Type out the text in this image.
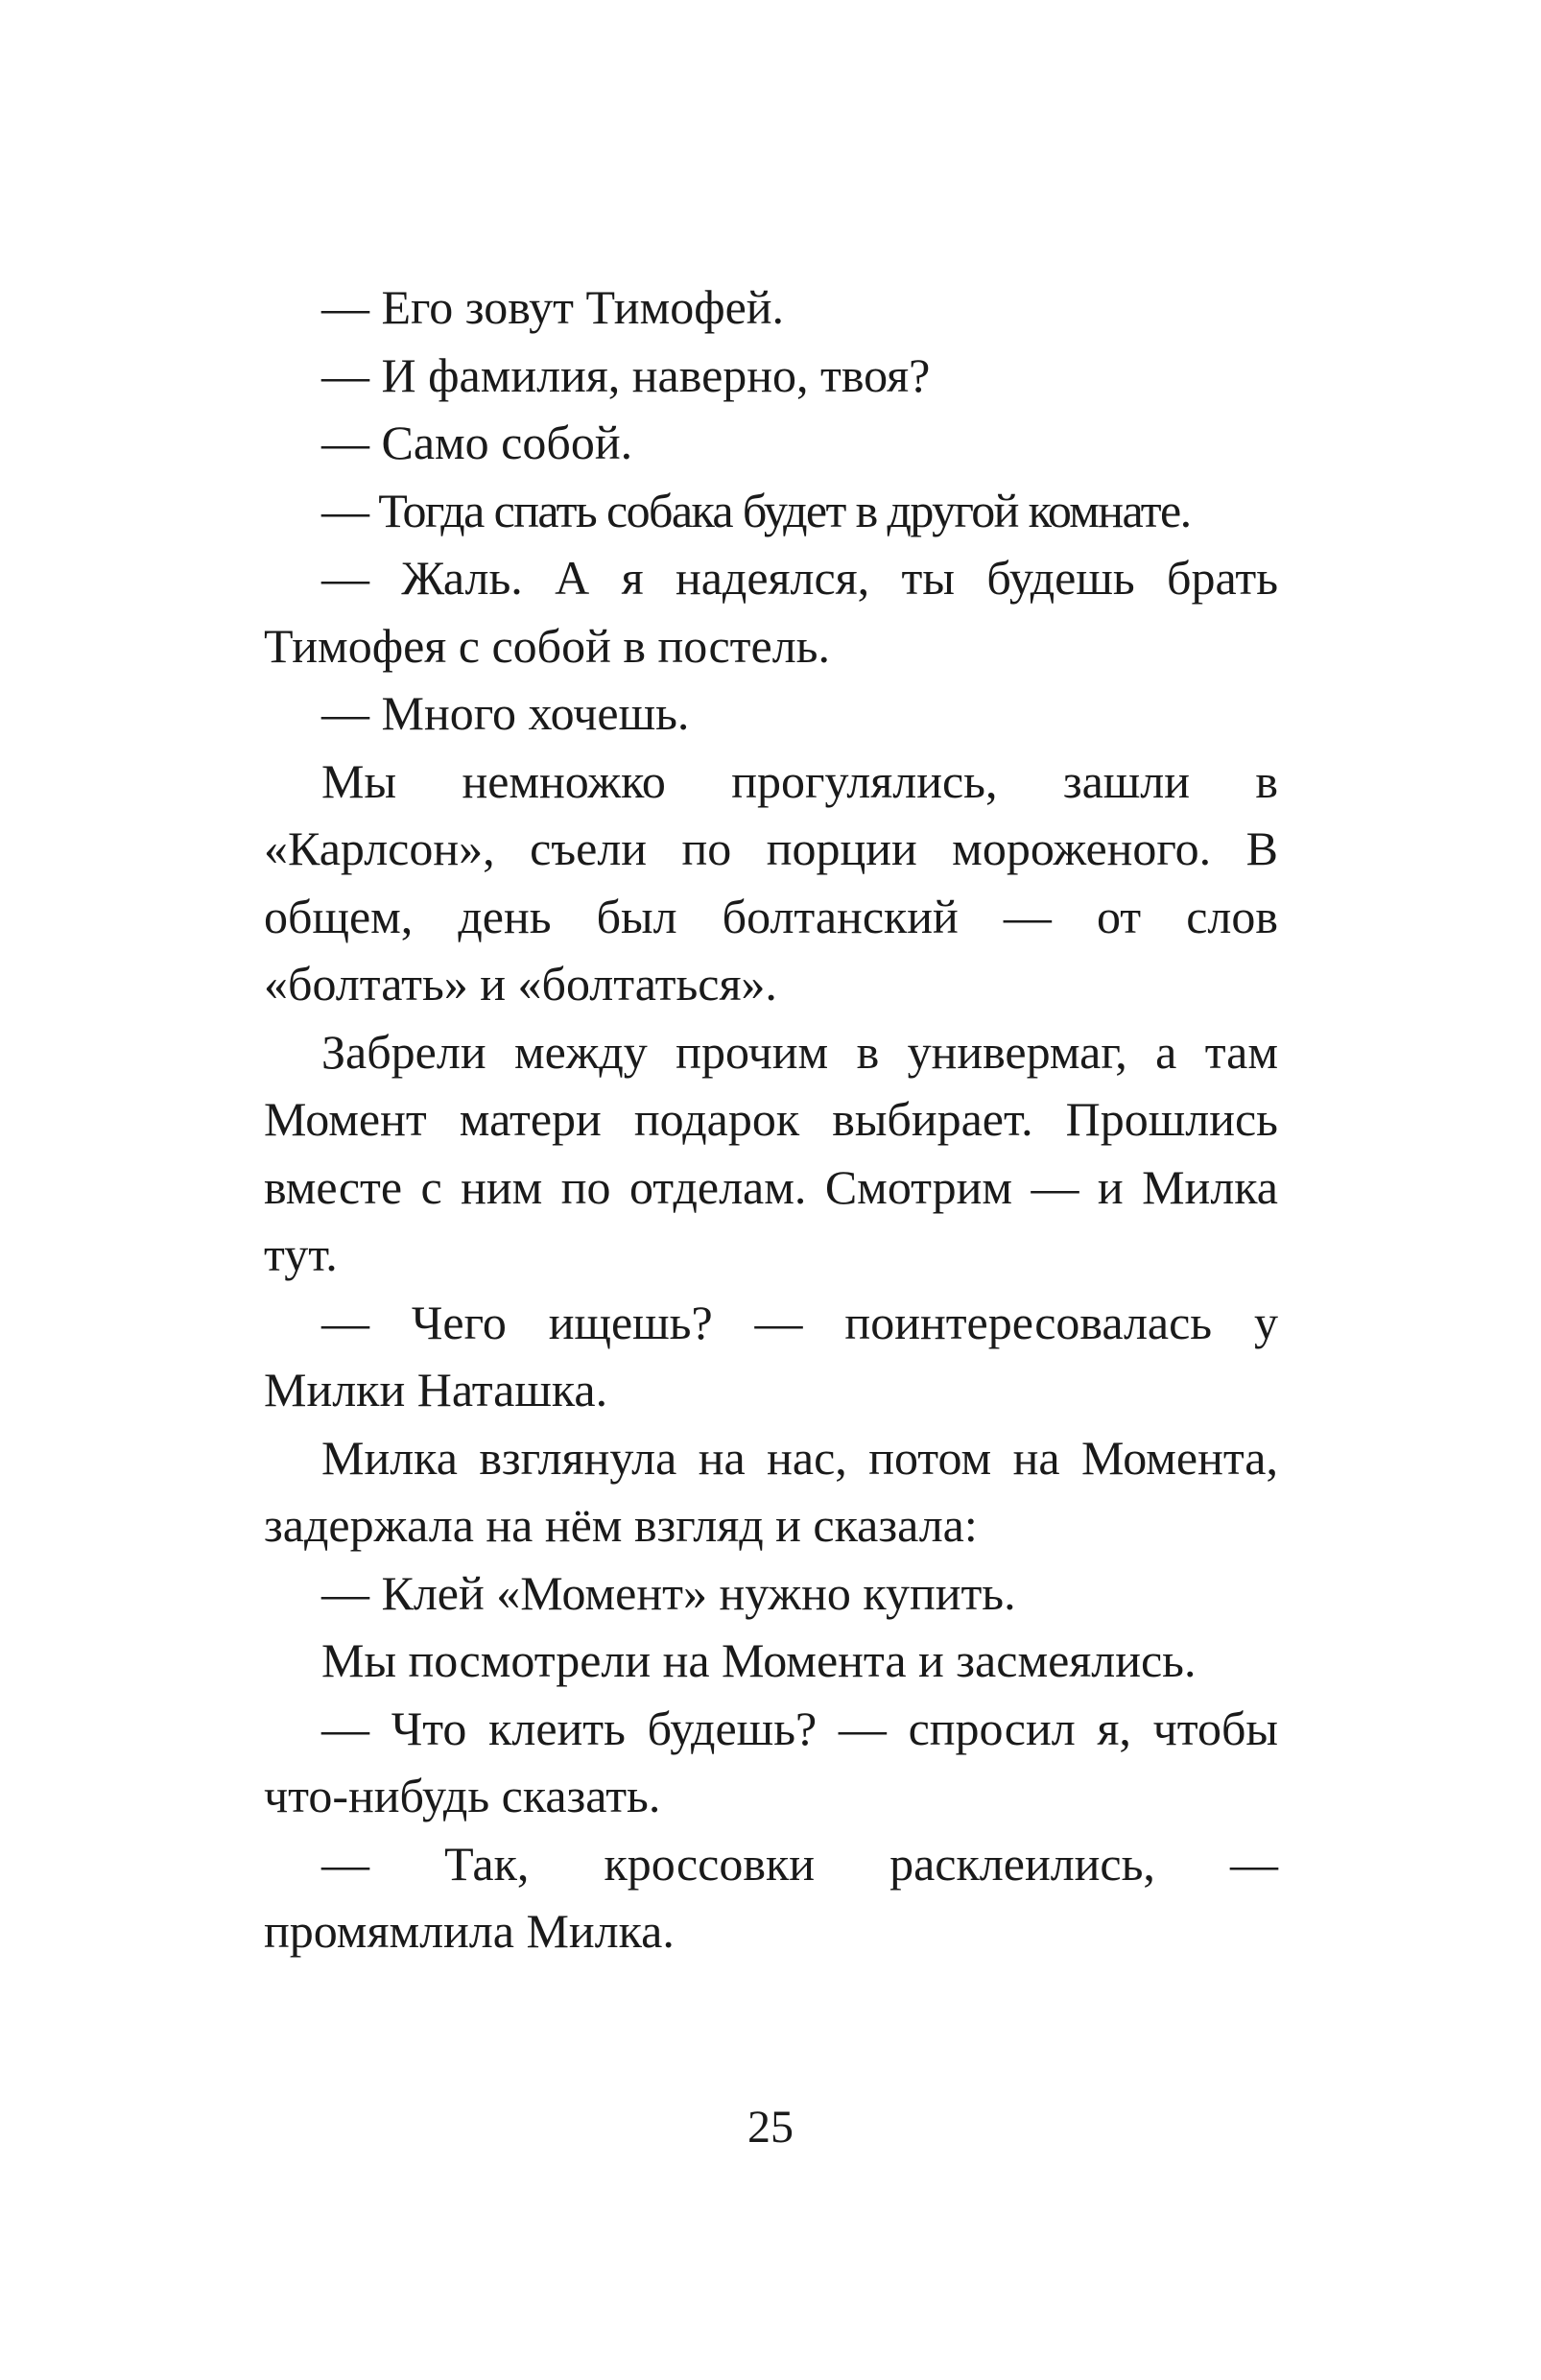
— Его зовут Тимофей.

— И фамилия, наверно, твоя?

— Само собой.

— Тогда спать собака будет в другой комнате.

— Жаль. А я надеялся, ты будешь брать Тимофея с собой в постель.

— Много хочешь.

Мы немножко прогулялись, зашли в «Карлсон», съели по порции мороженого. В общем, день был болтанский — от слов «болтать» и «болтаться».

Забрели между прочим в универмаг, а там Момент матери подарок выбирает. Прошлись вместе с ним по отделам. Смотрим — и Милка тут.

— Чего ищешь? — поинтересовалась у Милки Наташка.

Милка взглянула на нас, потом на Момента, задержала на нём взгляд и сказала:

— Клей «Момент» нужно купить.

Мы посмотрели на Момента и засмеялись.

— Что клеить будешь? — спросил я, чтобы что-нибудь сказать.

— Так, кроссовки расклеились, — промямлила Милка.

25
